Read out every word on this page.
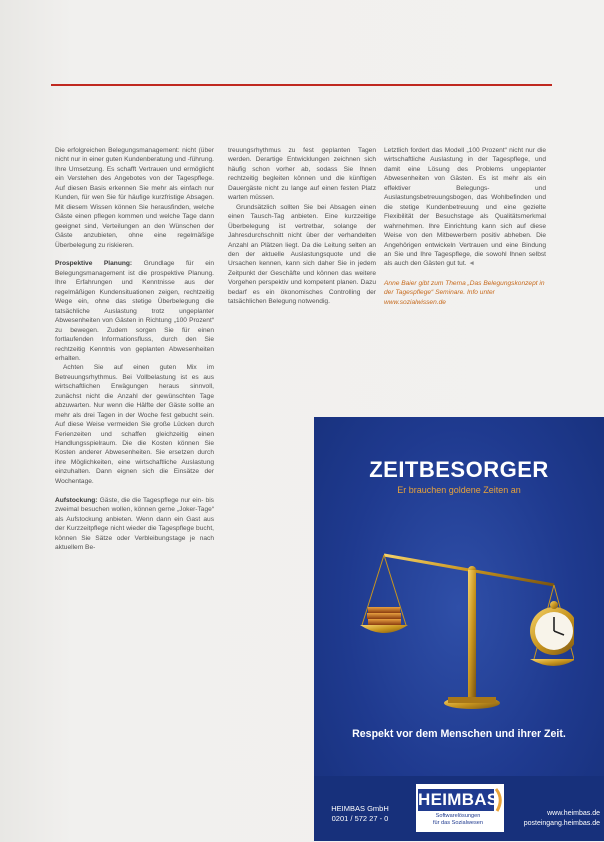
Die erfolgreichen Belegungsmanagement: nicht (über nicht nur in einer guten Kundenberatung und -führung. Ihre Umsetzung. Es schafft Vertrauen und ermöglicht ein Verstehen des Angebotes von der Tagespflege. Auf diesen Basis erkennen Sie mehr als einfach nur Kunden, für wen Sie für häufige kurzfristige Absagen. Mit diesem Wissen können Sie herausfinden, welche Gäste einen pflegen kommen und welche Tage dann geeignet sind, Verteilungen an den Wünschen der Gäste anzubieten, ohne eine regelmäßige Überbelegung zu riskieren.

Prospektive Planung: Grundlage für ein Belegungsmanagement ist die prospektive Planung. Ihre Erfahrungen und Kenntnisse aus der regelmäßigen Kundensituationen zeigen, rechtzeitig Wege ein, ohne das stetige Überbelegung die tatsächliche Auslastung trotz ungeplanter Abwesenheiten von Gästen in Richtung „100 Prozent“ zu bewegen. Zudem sorgen Sie für einen fortlaufenden Informationsfluss, durch den Sie rechtzeitig Kenntnis von geplanten Abwesenheiten erhalten.

Achten Sie auf einen guten Mix im Betreuungsrhythmus. Bei Vollbelastung ist es aus wirtschaftlichen Erwägungen heraus sinnvoll, zunächst nicht die Anzahl der gewünschten Tage abzuwarten. Nur wenn die Hälfte der Gäste sollte an mehr als drei Tagen in der Woche fest gebucht sein. Auf diese Weise vermeiden Sie große Lücken durch Ferienzeiten und schaffen gleichzeitig einen Handlungsspielraum. Die die Kosten können Sie Kosten anderer Abwesenheiten. Sie ersetzen durch ihre Möglichkeiten, eine wirtschaftliche Auslastung einzuhalten. Dann eignen sich die Einsätze der Wochentage.

Aufstockung: Gäste, die die Tagespflege nur ein- bis zweimal besuchen wollen, können gerne „Joker-Tage“ als Aufstockung anbieten. Wenn dann ein Gast aus der Kurzzeitpflege nicht wieder die Tagespflege bucht, können Sie Sätze oder Verbleibungstage je nach aktuellem Be-

treuungsrhythmus zu fest geplanten Tagen werden. Derartige Entwicklungen zeichnen sich häufig schon vorher ab, sodass Sie Ihnen rechtzeitig begleiten können und die künftigen Dauergäste nicht zu lange auf einen festen Platz warten müssen.

Grundsätzlich sollten Sie bei Absagen einen einen Tausch-Tag anbieten. Eine kurzzeitige Überbelegung ist vertretbar, solange der Jahresdurchschnitt nicht über der verhandelten Anzahl an Plätzen liegt. Da die Leitung selten an den der aktuelle Auslastungsquote und die Ursachen kennen, kann sich daher Sie in jedem Zeitpunkt der Geschäfte und können das weitere Vorgehen perspektiv und kompetent planen. Dazu bedarf es ein ökonomisches Controlling der tatsächlichen Belegung notwendig.

Letztlich fordert das Modell „100 Prozent“ nicht nur die wirtschaftliche Auslastung in der Tagespflege, und damit eine Lösung des Problems ungeplanter Abwesenheiten von Gästen. Es ist mehr als ein effektiver Belegungs- und Auslastungsbetreuungsbogen, das Wohlbefinden und die stetige Kundenbetreuung und eine gezielte Flexibilität der Besuchstage als Qualitätsmerkmal wahrnehmen. Ihre Einrichtung kann sich auf diese Weise von den Mitbewerbern positiv abheben. Die Angehörigen entwickeln Vertrauen und eine Bindung an Sie und Ihre Tagespflege, die sowohl Ihnen selbst als auch den Gästen gut tut. ◄

Anne Baier gibt zum Thema „Das Belegungskonzept in der Tagespflege“ Seminare. Info unter www.sozialwissen.de

ZEITBESORGER
Er brauchen goldene Zeiten an
Respekt vor dem Menschen und ihrer Zeit.
HEIMBAS GmbH
0201 / 572 27 - 0
HEIMBAS
Softwarelösungen
für das Sozialwesen
www.heimbas.de
posteingang.heimbas.de
